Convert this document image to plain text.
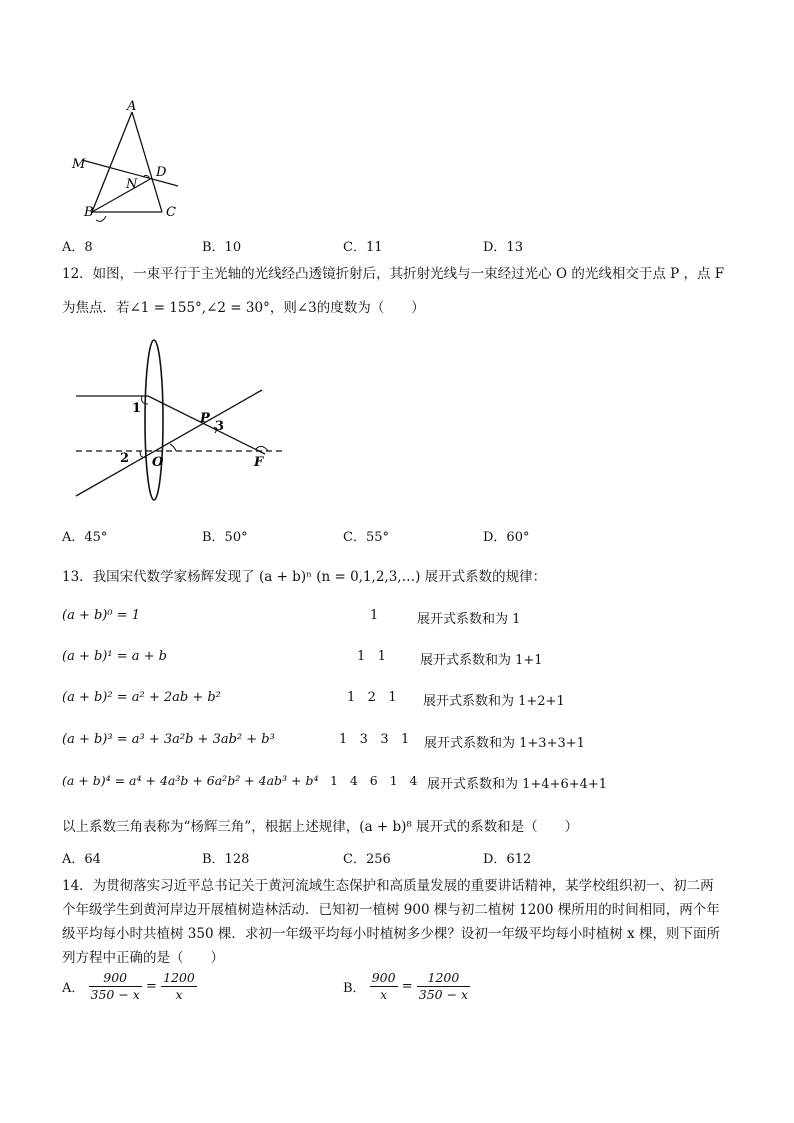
A
M
D
N
B	C
A．8	B．10	C．11	D．13
12．如图，一束平行于主光轴的光线经凸透镜折射后，其折射光线与一束经过光心 O 的光线相交于点 P ，点 F
为焦点．若∠1 = 155°,∠2 = 30°，则∠3的度数为（　　）
1
2
3
O
P
F
A．45°	B．50°	C．55°	D．60°
13．我国宋代数学家杨辉发现了 (a + b)ⁿ (n = 0,1,2,3,…) 展开式系数的规律：
(a + b)⁰ = 1	1	展开式系数和为 1
(a + b)¹ = a + b	1   1	展开式系数和为 1+1
(a + b)² = a² + 2ab + b²	1   2   1 展开式系数和为 1+2+1
(a + b)³ = a³ + 3a²b + 3ab² + b³	1   3   3   1 展开式系数和为 1+3+3+1
(a + b)⁴ = a⁴ + 4a³b + 6a²b² + 4ab³ + b⁴ 1   4   6   1   4 展开式系数和为 1+4+6+4+1
以上系数三角表称为“杨辉三角”，根据上述规律，(a + b)⁸ 展开式的系数和是（　　）
A．64	B．128	C．256	D．612
14．为贯彻落实习近平总书记关于黄河流域生态保护和高质量发展的重要讲话精神，某学校组织初一、初二两
个年级学生到黄河岸边开展植树造林活动．已知初一植树 900 棵与初二植树 1200 棵所用的时间相同，两个年
级平均每小时共植树 350 棵．求初一年级平均每小时植树多少棵？设初一年级平均每小时植树 x 棵，则下面所
列方程中正确的是（　　）
A． $\frac{900}{350 - x} = \frac{1200}{x}$	B． $\frac{900}{x} = \frac{1200}{350 - x}$
